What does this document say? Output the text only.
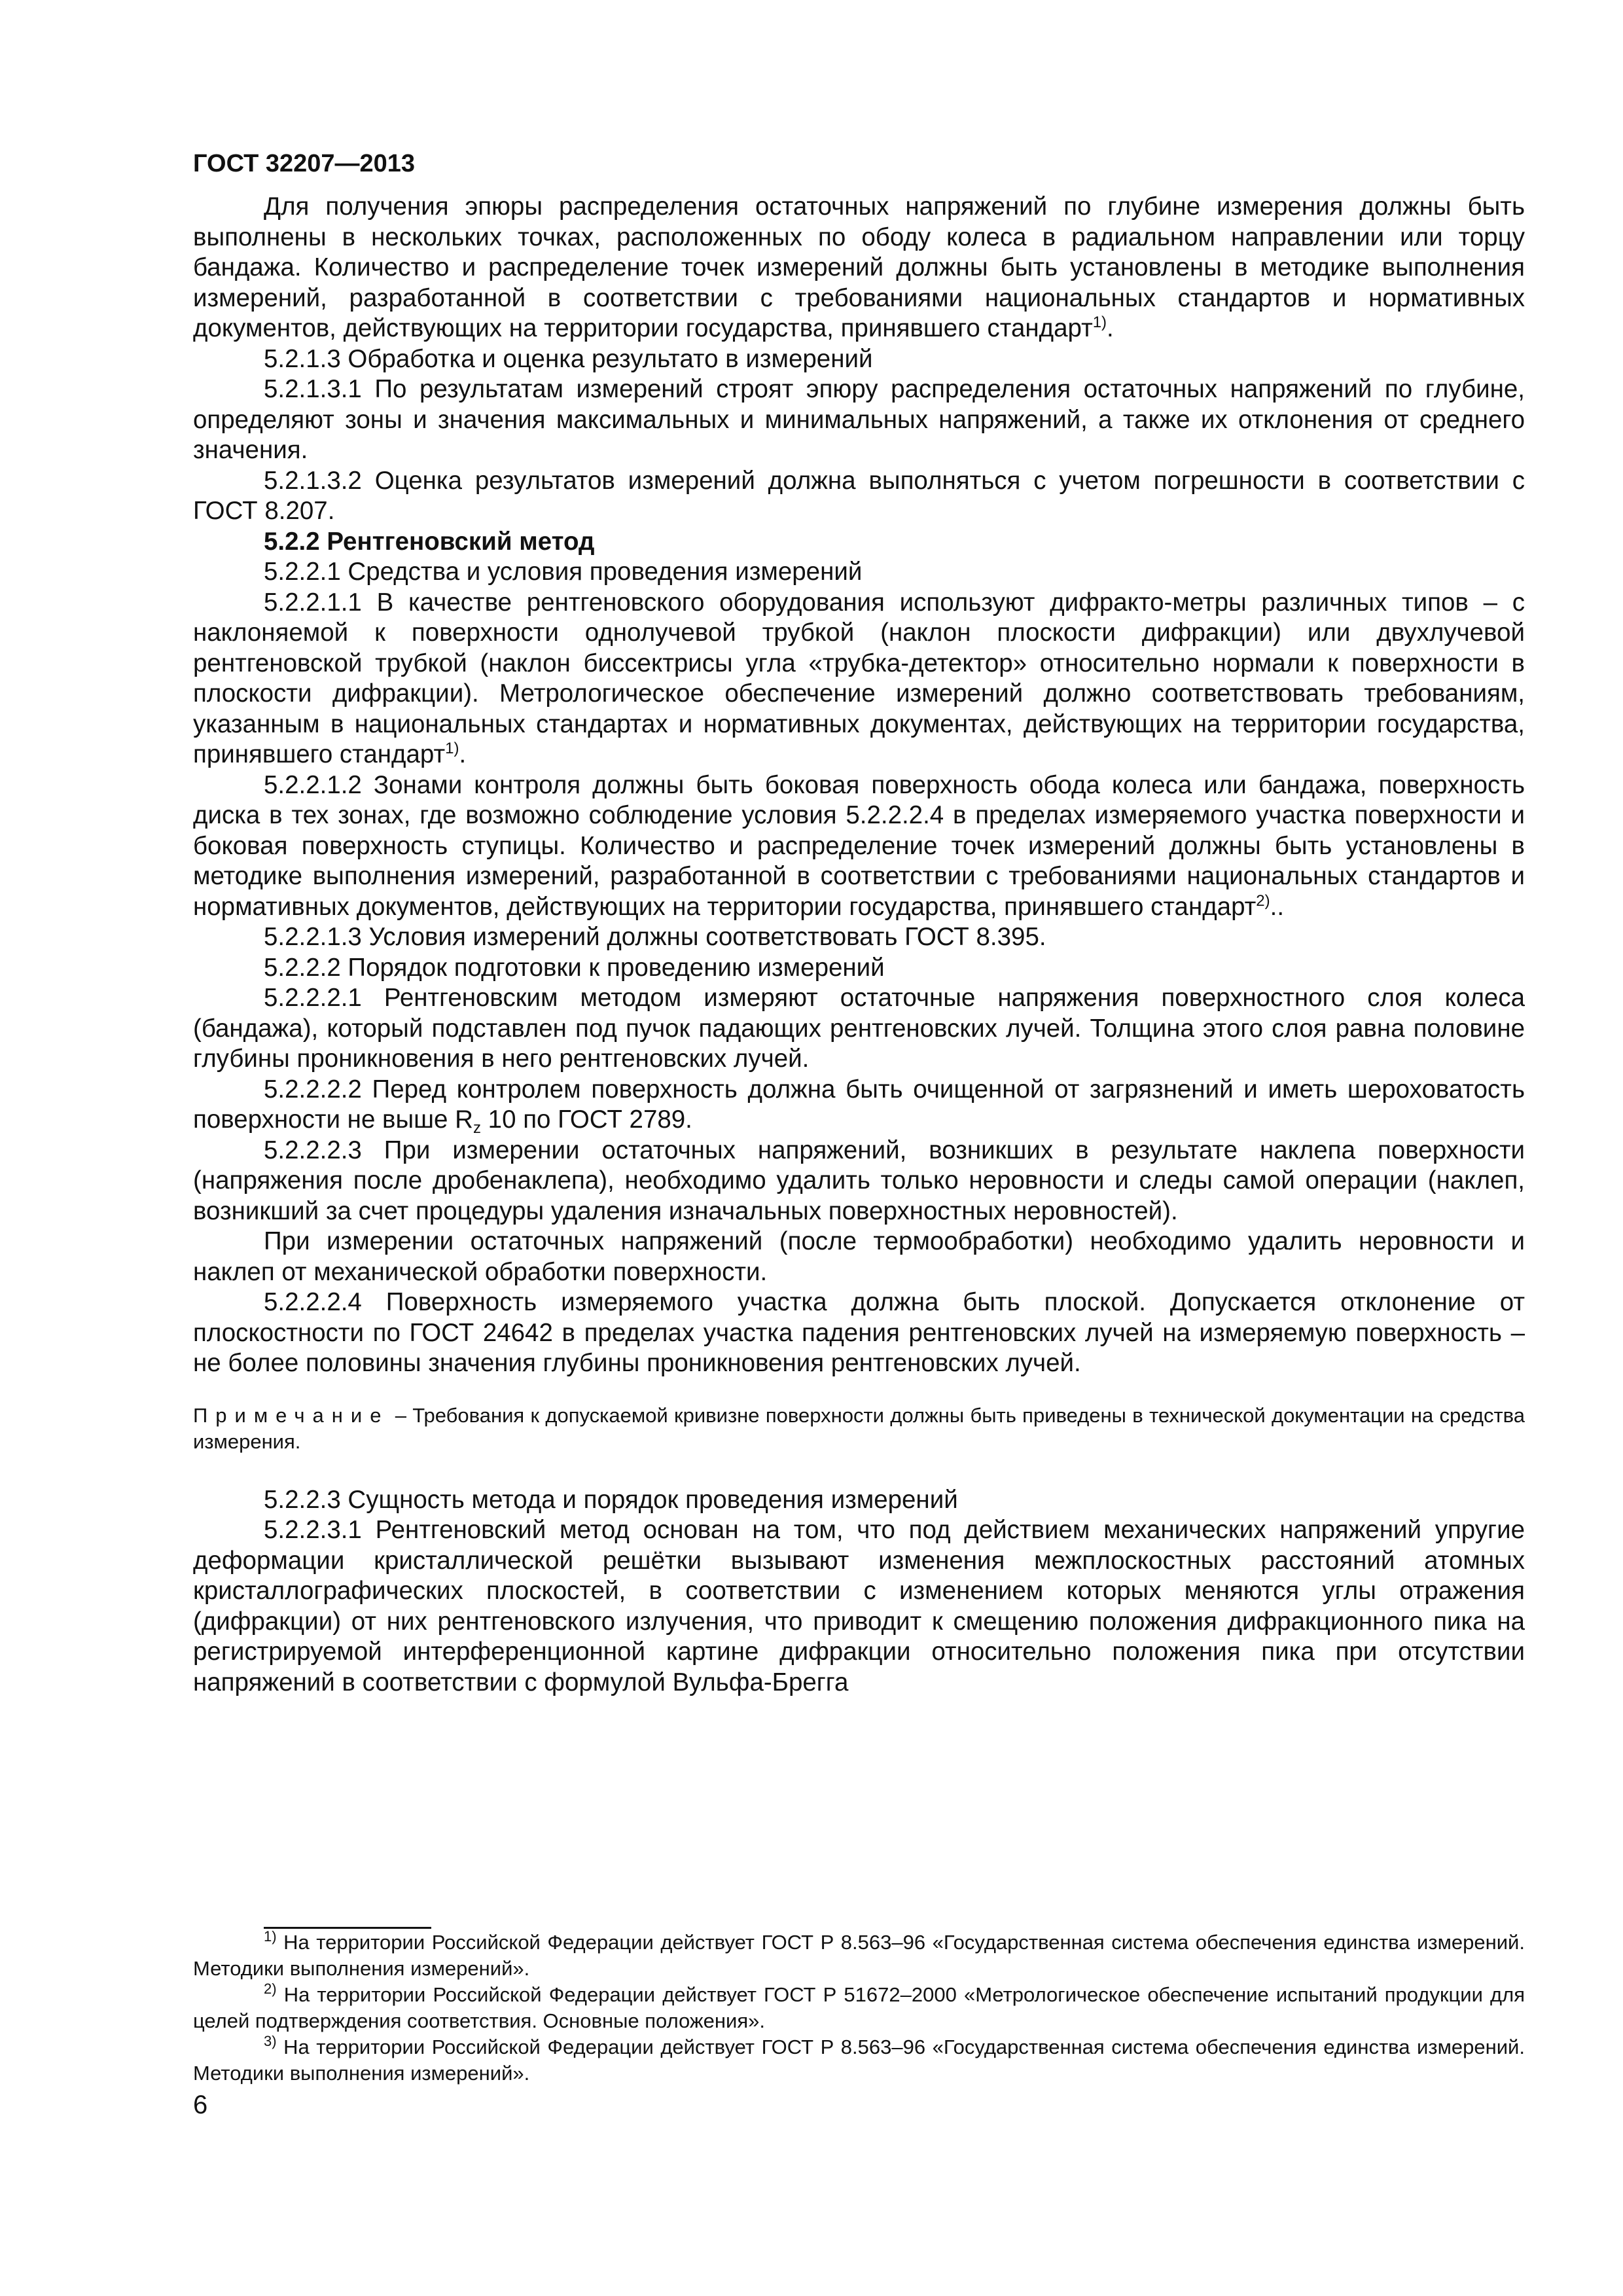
ГОСТ 32207—2013

Для получения эпюры распределения остаточных напряжений по глубине измерения должны быть выполнены в нескольких точках, расположенных по ободу колеса в радиальном направлении или торцу бандажа. Количество и распределение точек измерений должны быть установлены в методике выполнения измерений, разработанной в соответствии с требованиями национальных стандартов и нормативных документов, действующих на территории государства, принявшего стандарт$^{1)}$.

5.2.1.3 Обработка и оценка результато в измерений

5.2.1.3.1 По результатам измерений строят эпюру распределения остаточных напряжений по глубине, определяют зоны и значения максимальных и минимальных напряжений, а также их отклонения от среднего значения.

5.2.1.3.2 Оценка результатов измерений должна выполняться с учетом погрешности в соответствии с ГОСТ 8.207.

5.2.2 Рентгеновский метод

5.2.2.1 Средства и условия проведения измерений

5.2.2.1.1 В качестве рентгеновского оборудования используют дифракто-метры различных типов – с наклоняемой к поверхности однолучевой трубкой (наклон плоскости дифракции) или двухлучевой рентгеновской трубкой (наклон биссектрисы угла «трубка-детектор» относительно нормали к поверхности в плоскости дифракции). Метрологическое обеспечение измерений должно соответствовать требованиям, указанным в национальных стандартах и нормативных документах, действующих на территории государства, принявшего стандарт$^{1)}$.

5.2.2.1.2 Зонами контроля должны быть боковая поверхность обода колеса или бандажа, поверхность диска в тех зонах, где возможно соблюдение условия 5.2.2.2.4 в пределах измеряемого участка поверхности и боковая поверхность ступицы. Количество и распределение точек измерений должны быть установлены в методике выполнения измерений, разработанной в соответствии с требованиями национальных стандартов и нормативных документов, действующих на территории государства, принявшего стандарт$^{2)}$..

5.2.2.1.3 Условия измерений должны соответствовать ГОСТ 8.395.

5.2.2.2 Порядок подготовки к проведению измерений

5.2.2.2.1 Рентгеновским методом измеряют остаточные напряжения поверхностного слоя колеса (бандажа), который подставлен под пучок падающих рентгеновских лучей. Толщина этого слоя равна половине глубины проникновения в него рентгеновских лучей.

5.2.2.2.2 Перед контролем поверхность должна быть очищенной от загрязнений и иметь шероховатость поверхности не выше $R_z$ 10 по ГОСТ 2789.

5.2.2.2.3 При измерении остаточных напряжений, возникших в результате наклепа поверхности (напряжения после дробенаклепа), необходимо удалить только неровности и следы самой операции (наклеп, возникший за счет процедуры удаления изначальных поверхностных неровностей).

При измерении остаточных напряжений (после термообработки) необходимо удалить неровности и наклеп от механической обработки поверхности.

5.2.2.2.4 Поверхность измеряемого участка должна быть плоской. Допускается отклонение от плоскостности по ГОСТ 24642 в пределах участка падения рентгеновских лучей на измеряемую поверхность – не более половины значения глубины проникновения рентгеновских лучей.

Примечание – Требования к допускаемой кривизне поверхности должны быть приведены в технической документации на средства измерения.

5.2.2.3 Сущность метода и порядок проведения измерений

5.2.2.3.1 Рентгеновский метод основан на том, что под действием механических напряжений упругие деформации кристаллической решётки вызывают изменения межплоскостных расстояний атомных кристаллографических плоскостей, в соответствии с изменением которых меняются углы отражения (дифракции) от них рентгеновского излучения, что приводит к смещению положения дифракционного пика на регистрируемой интерференционной картине дифракции относительно положения пика при отсутствии напряжений в соответствии с формулой Вульфа-Брегга

$^{1)}$ На территории Российской Федерации действует ГОСТ Р 8.563–96 «Государственная система обеспечения единства измерений. Методики выполнения измерений».

$^{2)}$ На территории Российской Федерации действует ГОСТ Р 51672–2000 «Метрологическое обеспечение испытаний продукции для целей подтверждения соответствия. Основные положения».

$^{3)}$ На территории Российской Федерации действует ГОСТ Р 8.563–96 «Государственная система обеспечения единства измерений. Методики выполнения измерений».

6
